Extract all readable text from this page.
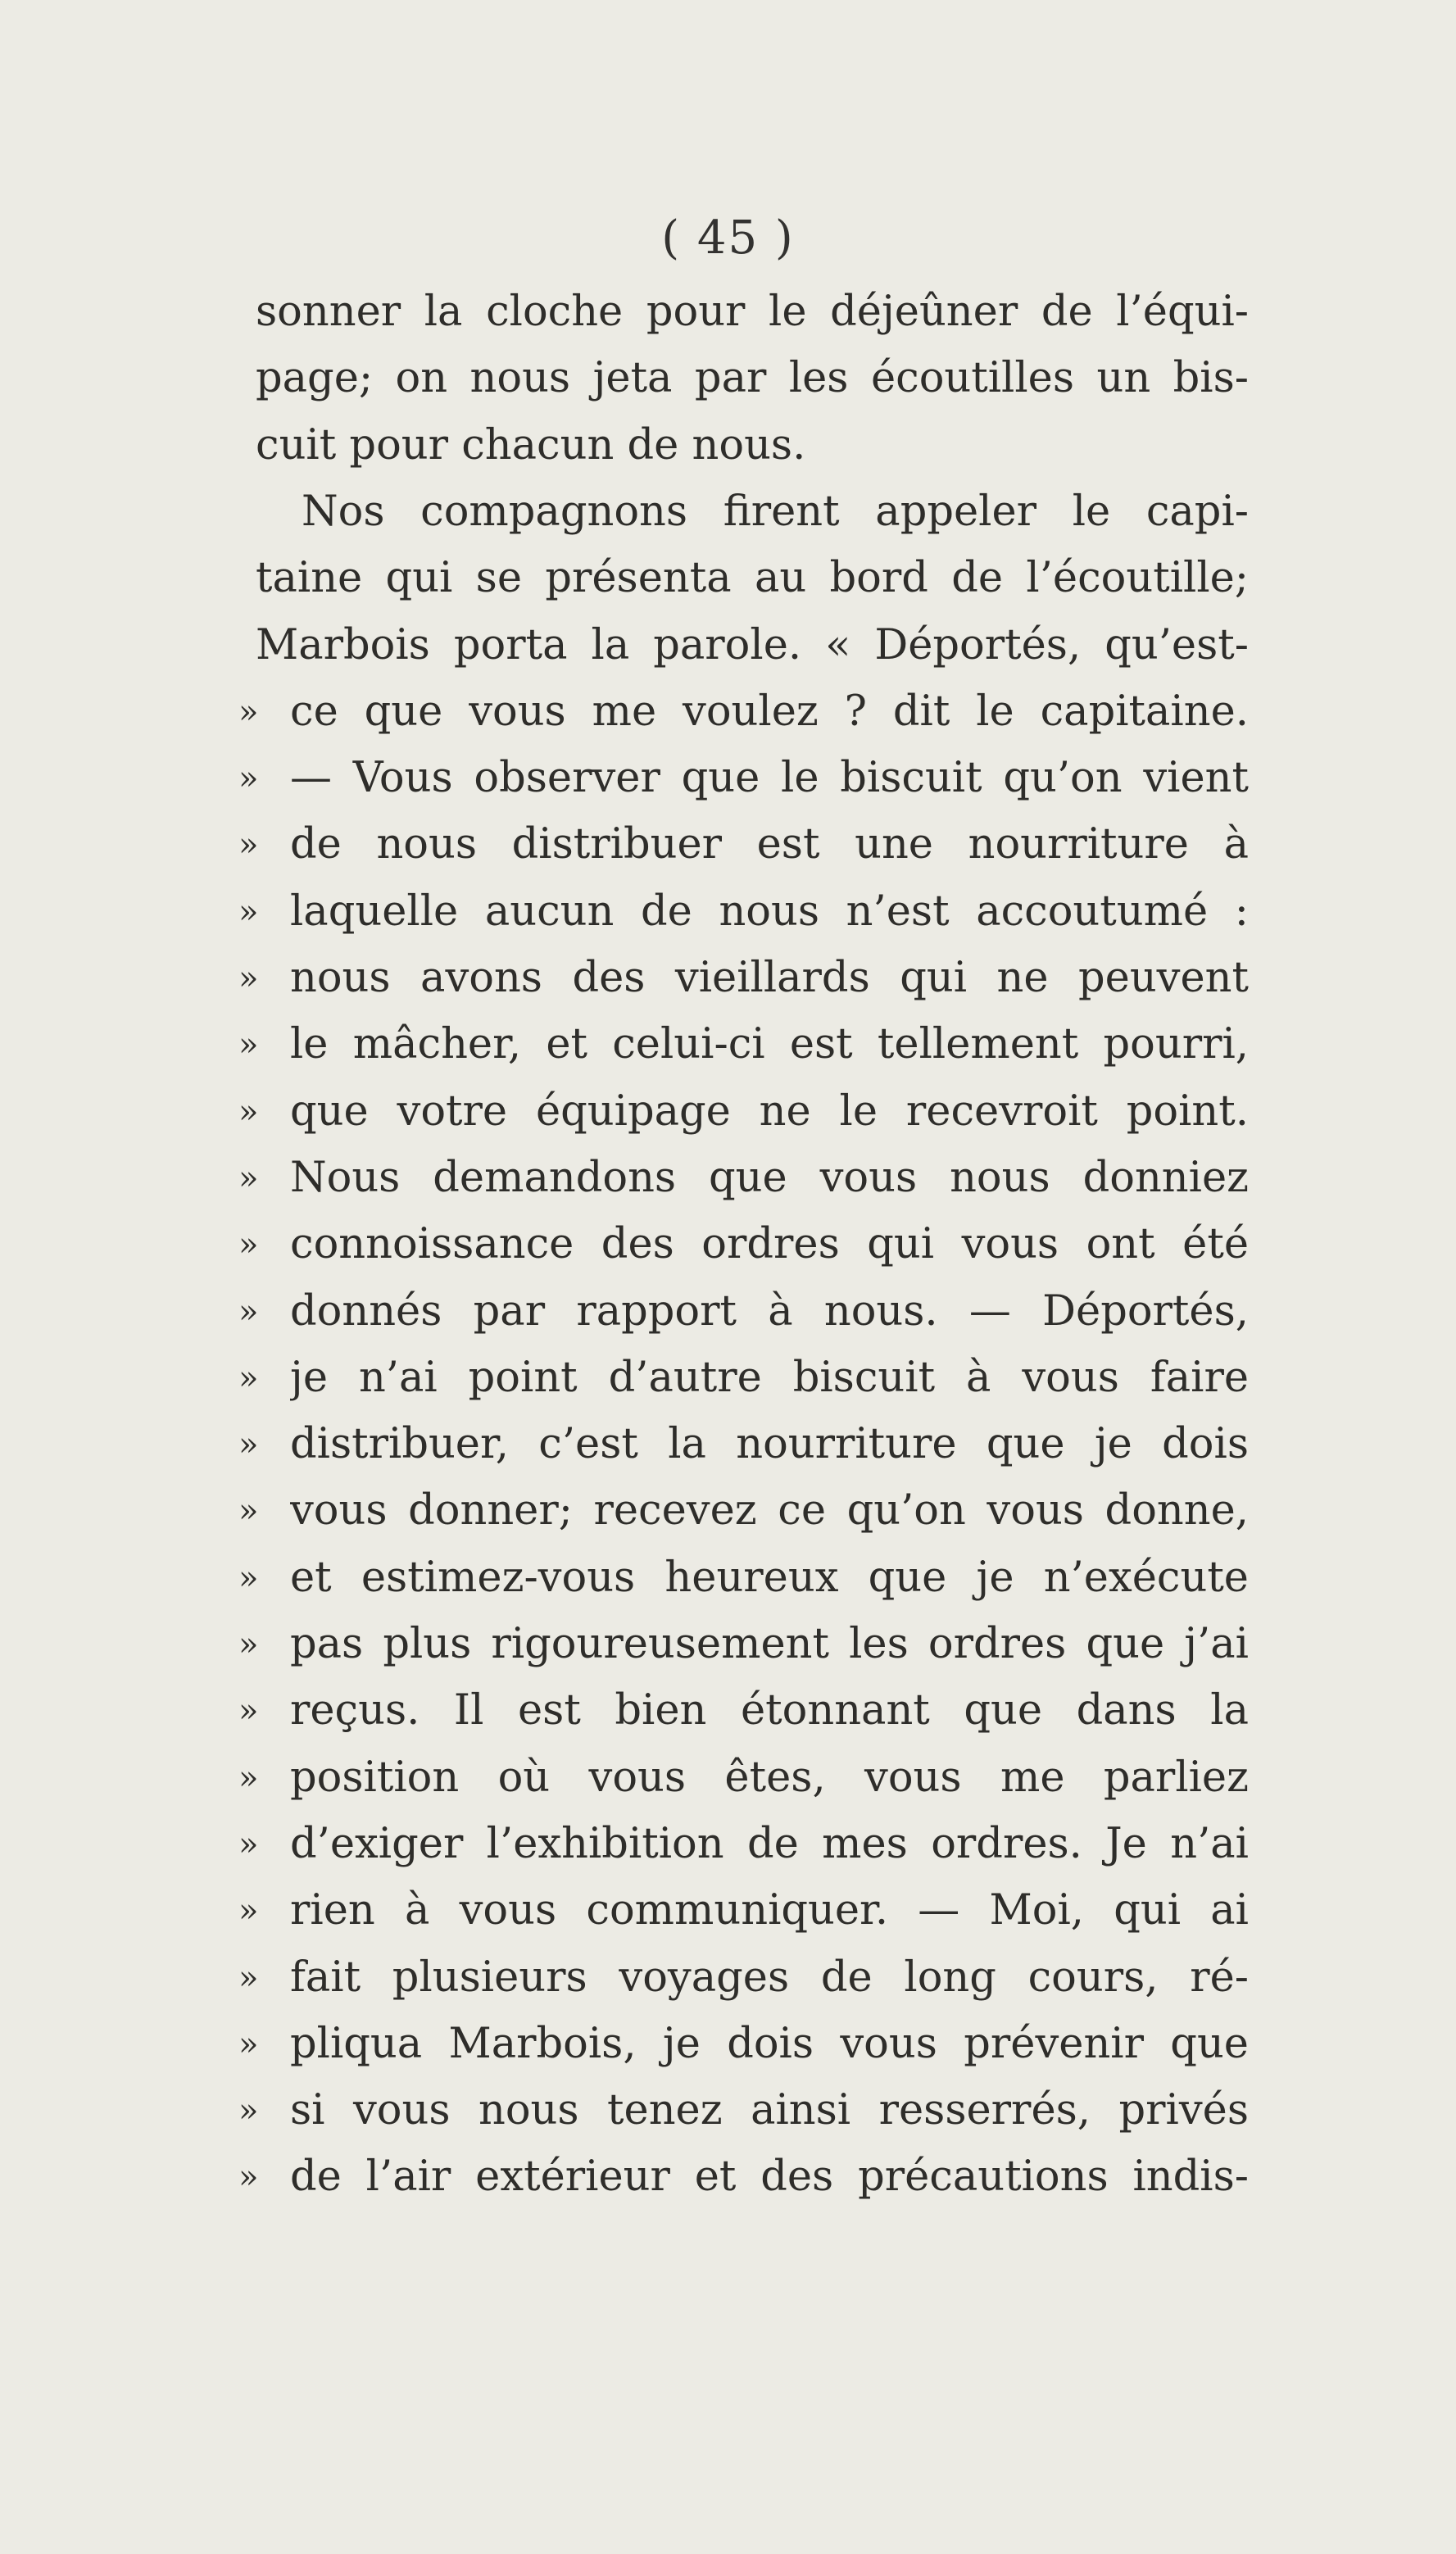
( 45 )
sonner la cloche pour le déjeûner de l’équi-
page; on nous jeta par les écoutilles un bis-
cuit pour chacun de nous.
Nos compagnons firent appeler le capi-
taine qui se présenta au bord de l’écoutille;
Marbois porta la parole. « Déportés, qu’est-
» ce que vous me voulez ? dit le capitaine.
» — Vous observer que le biscuit qu’on vient
» de nous distribuer est une nourriture à
» laquelle aucun de nous n’est accoutumé :
» nous avons des vieillards qui ne peuvent
» le mâcher, et celui-ci est tellement pourri,
» que votre équipage ne le recevroit point.
» Nous demandons que vous nous donniez
» connoissance des ordres qui vous ont été
» donnés par rapport à nous. — Déportés,
» je n’ai point d’autre biscuit à vous faire
» distribuer, c’est la nourriture que je dois
» vous donner; recevez ce qu’on vous donne,
» et estimez-vous heureux que je n’exécute
» pas plus rigoureusement les ordres que j’ai
» reçus. Il est bien étonnant que dans la
» position où vous êtes, vous me parliez
» d’exiger l’exhibition de mes ordres. Je n’ai
» rien à vous communiquer. — Moi, qui ai
» fait plusieurs voyages de long cours, ré-
» pliqua Marbois, je dois vous prévenir que
» si vous nous tenez ainsi resserrés, privés
» de l’air extérieur et des précautions indis-
